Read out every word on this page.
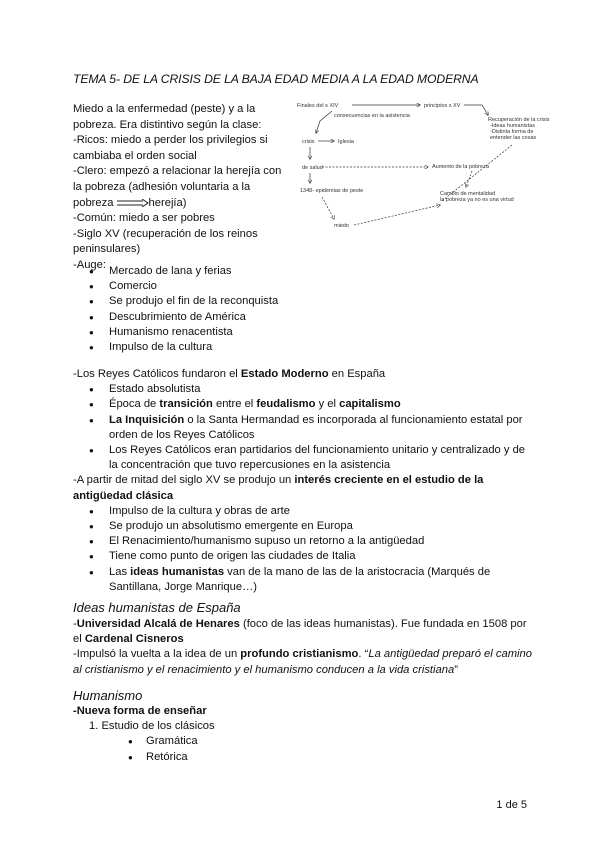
TEMA 5- DE LA CRISIS DE LA BAJA EDAD MEDIA A LA EDAD MODERNA

Miedo a la enfermedad (peste) y a la pobreza. Era distintivo según la clase:

-Ricos: miedo a perder los privilegios si cambiaba el orden social

-Clero: empezó a relacionar la herejía con la pobreza (adhesión voluntaria a la pobreza	herejía)

-Común: miedo a ser pobres

-Siglo XV (recuperación de los reinos peninsulares)

-Auge:

Finales del s XIV	principios s XV
consecuencias en la asistencia
Recuperación de la crisis
-Ideas humanistas
-Distinta forma de
entender las cosas
crisis	Iglesia
de salud	Aumento de la pobreza
1348- epidemias de peste	Cambio de mentalidad
la pobreza ya no es una virtud
miedo
● Mercado de lana y ferias
● Comercio
● Se produjo el fin de la reconquista
● Descubrimiento de América
● Humanismo renacentista
● Impulso de la cultura

-Los Reyes Católicos fundaron el Estado Moderno en España

● Estado absolutista
● Época de transición entre el feudalismo y el capitalismo
● La Inquisición o la Santa Hermandad es incorporada al funcionamiento estatal por orden de los Reyes Católicos
● Los Reyes Católicos eran partidarios del funcionamiento unitario y centralizado y de la concentración que tuvo repercusiones en la asistencia

-A partir de mitad del siglo XV se produjo un interés creciente en el estudio de la antigüedad clásica

● Impulso de la cultura y obras de arte
● Se produjo un absolutismo emergente en Europa
● El Renacimiento/humanismo supuso un retorno a la antigüedad
● Tiene como punto de origen las ciudades de Italia
● Las ideas humanistas van de la mano de las de la aristocracia (Marqués de Santillana, Jorge Manrique…)
Ideas humanistas de España

-Universidad Alcalá de Henares (foco de las ideas humanistas). Fue fundada en 1508 por el Cardenal Cisneros

-Impulsó la vuelta a la idea de un profundo cristianismo. “La antigüedad preparó el camino al cristianismo y el renacimiento y el humanismo conducen a la vida cristiana”

Humanismo

-Nueva forma de enseñar

1. Estudio de los clásicos

● Gramática
● Retórica
1 de 5
